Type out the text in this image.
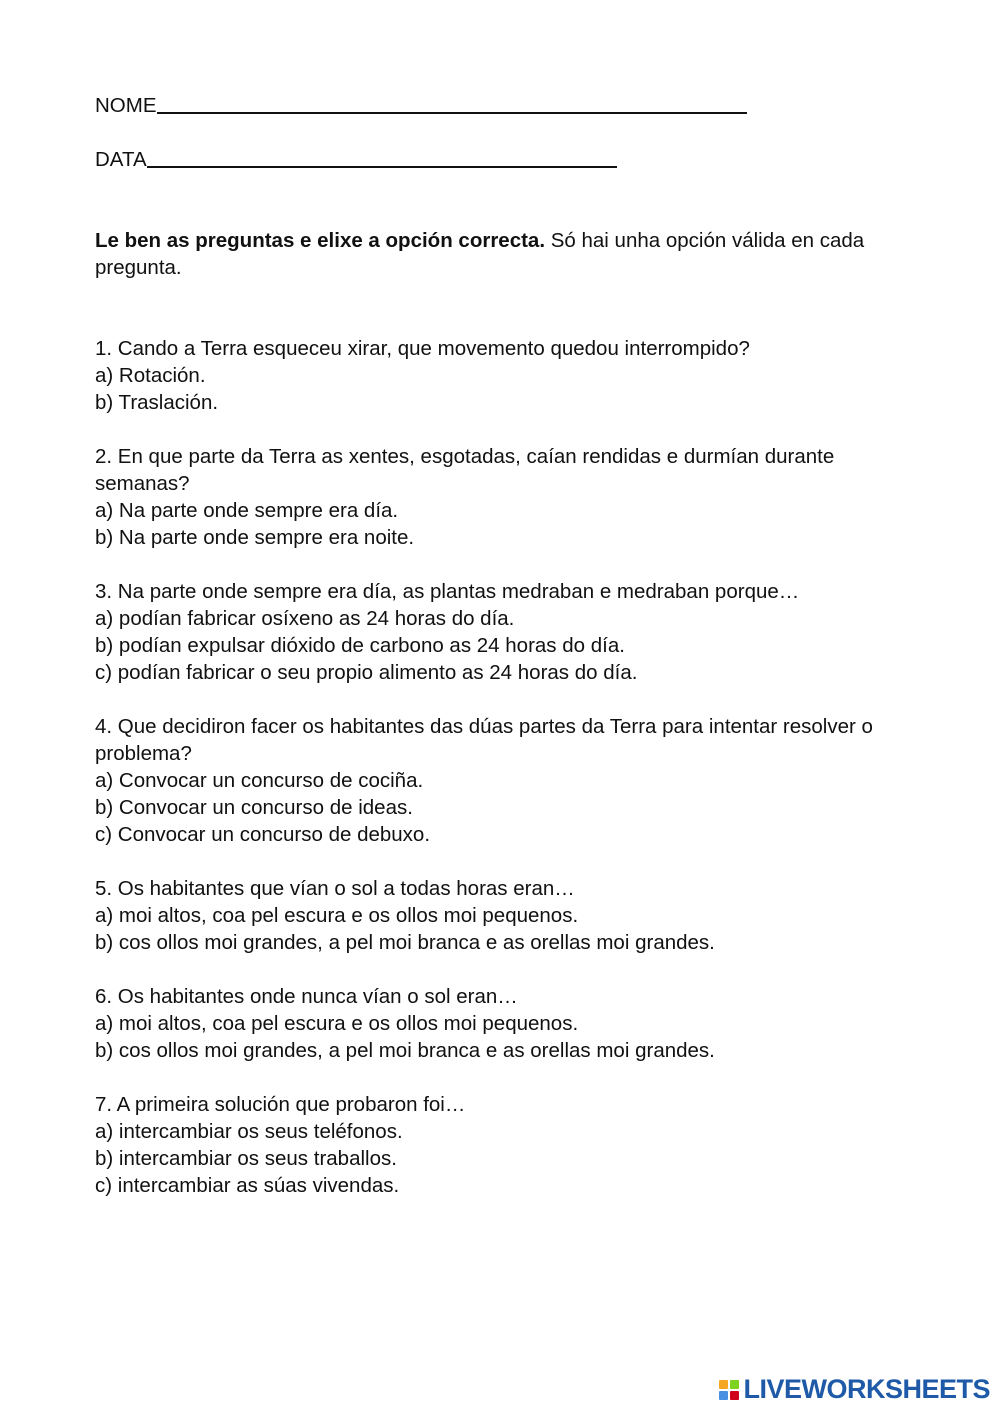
NOME
DATA
Le ben as preguntas e elixe a opción correcta. Só hai unha opción válida en cada pregunta.
1. Cando a Terra esqueceu xirar, que movemento quedou interrompido?
a) Rotación.
b) Traslación.
2. En que parte da Terra as xentes, esgotadas, caían rendidas e durmían durante semanas?
a) Na parte onde sempre era día.
b) Na parte onde sempre era noite.
3. Na parte onde sempre era día, as plantas medraban e medraban porque…
a) podían fabricar osíxeno as 24 horas do día.
b) podían expulsar dióxido de carbono as 24 horas do día.
c) podían fabricar o seu propio alimento as 24 horas do día.
4. Que decidiron facer os habitantes das dúas partes da Terra para intentar resolver o problema?
a) Convocar un concurso de cociña.
b) Convocar un concurso de ideas.
c) Convocar un concurso de debuxo.
5. Os habitantes que vían o sol a todas horas eran…
a) moi altos, coa pel escura e os ollos moi pequenos.
b) cos ollos moi grandes, a pel moi branca e as orellas moi grandes.
6. Os habitantes onde nunca vían o sol eran…
a) moi altos, coa pel escura e os ollos moi pequenos.
b) cos ollos moi grandes, a pel moi branca e as orellas moi grandes.
7. A primeira solución que probaron foi…
a) intercambiar os seus teléfonos.
b) intercambiar os seus traballos.
c) intercambiar as súas vivendas.
LIVEWORKSHEETS
